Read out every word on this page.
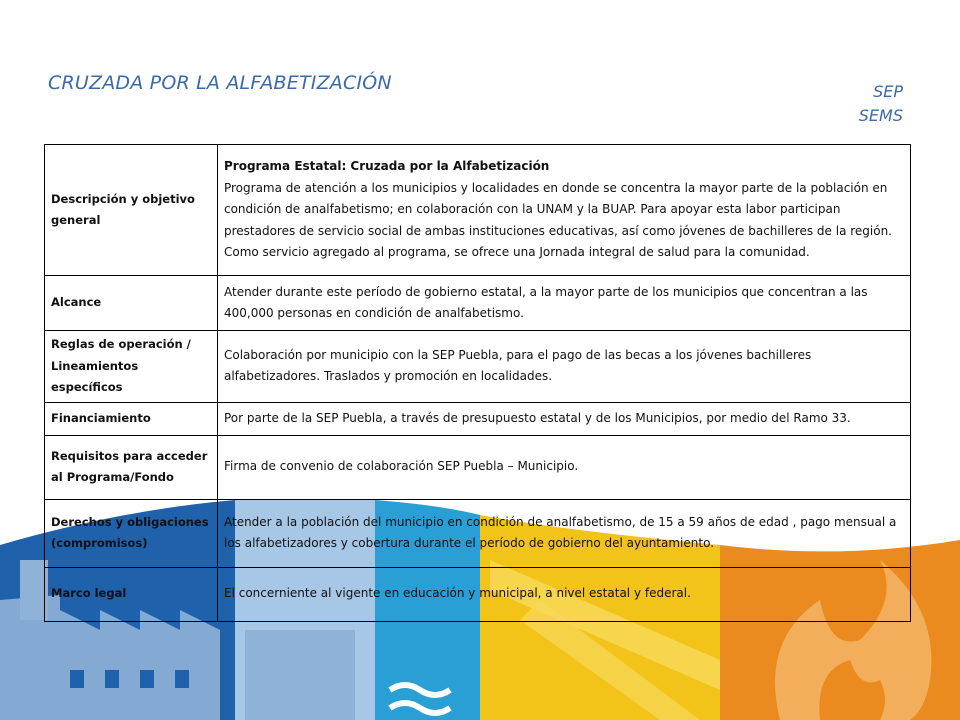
CRUZADA POR LA ALFABETIZACIÓN	SEP
SEMS
Descripción y objetivo general	Programa Estatal: Cruzada por la Alfabetización
Programa de atención a los municipios y localidades en donde se concentra la mayor parte de la población en condición de analfabetismo; en colaboración con la UNAM y la BUAP. Para apoyar esta labor participan prestadores de servicio social de ambas instituciones educativas, así como jóvenes de bachilleres de la región.
Como servicio agregado al programa, se ofrece una Jornada integral de salud para la comunidad.

Alcance	Atender durante este período de gobierno estatal, a la mayor parte de los municipios que concentran a las 400,000 personas en condición de analfabetismo.
Reglas de operación / Lineamientos específicos	Colaboración por municipio con la SEP Puebla, para el pago de las becas a los jóvenes bachilleres alfabetizadores. Traslados y promoción en localidades.
Financiamiento	Por parte de la SEP Puebla, a través de presupuesto estatal y de los Municipios, por medio del Ramo 33.
Requisitos para acceder al Programa/Fondo	Firma de convenio de colaboración SEP Puebla – Municipio.
Derechos y obligaciones (compromisos)	Atender a la población del municipio en condición de analfabetismo, de 15 a 59 años de edad , pago mensual a los alfabetizadores y cobertura durante el período de gobierno del ayuntamiento.
Marco legal	El concerniente al vigente en educación y municipal, a nivel estatal y federal.
